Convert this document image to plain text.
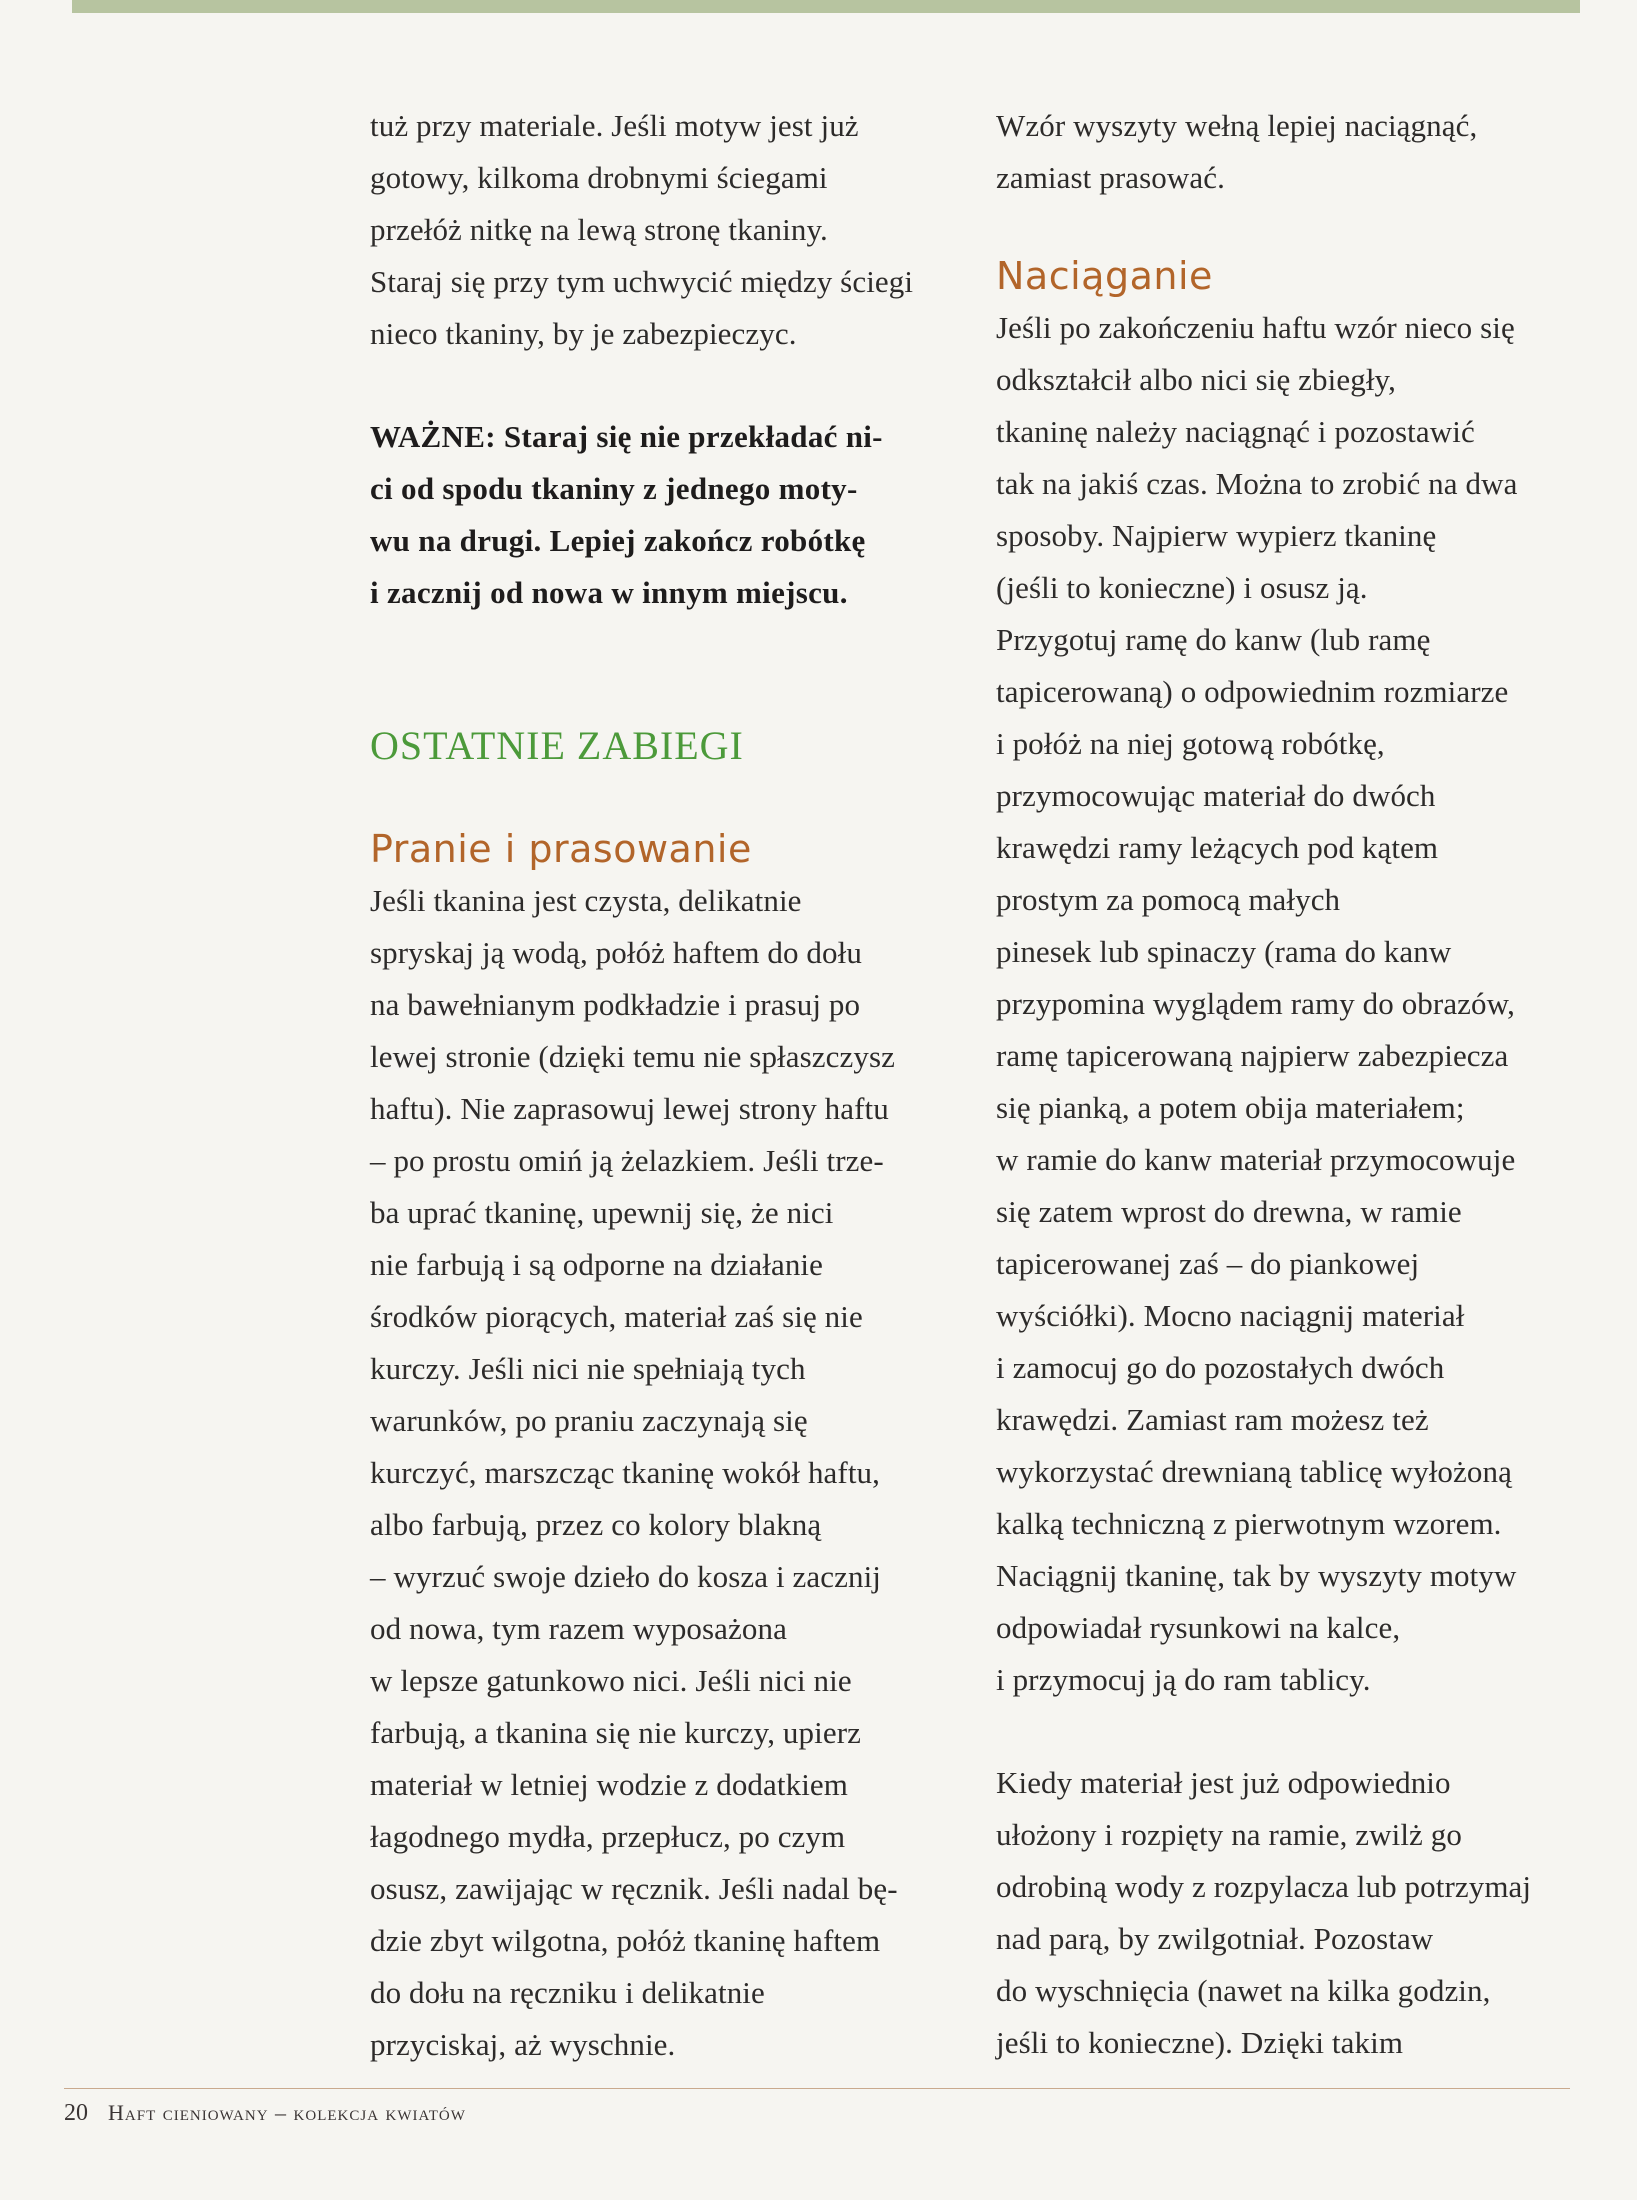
tuż przy materiale. Jeśli motyw jest już
gotowy, kilkoma drobnymi ściegami
przełóż nitkę na lewą stronę tkaniny.
Staraj się przy tym uchwycić między ściegi
nieco tkaniny, by je zabezpieczyc.
WAŻNE: Staraj się nie przekładać ni-
ci od spodu tkaniny z jednego moty-
wu na drugi. Lepiej zakończ robótkę
i zacznij od nowa w innym miejscu.
OSTATNIE ZABIEGI
Pranie i prasowanie
Jeśli tkanina jest czysta, delikatnie
spryskaj ją wodą, połóż haftem do dołu
na bawełnianym podkładzie i prasuj po
lewej stronie (dzięki temu nie spłaszczysz
haftu). Nie zaprasowuj lewej strony haftu
– po prostu omiń ją żelazkiem. Jeśli trze-
ba uprać tkaninę, upewnij się, że nici
nie farbują i są odporne na działanie
środków piorących, materiał zaś się nie
kurczy. Jeśli nici nie spełniają tych
warunków, po praniu zaczynają się
kurczyć, marszcząc tkaninę wokół haftu,
albo farbują, przez co kolory blakną
– wyrzuć swoje dzieło do kosza i zacznij
od nowa, tym razem wyposażona
w lepsze gatunkowo nici. Jeśli nici nie
farbują, a tkanina się nie kurczy, upierz
materiał w letniej wodzie z dodatkiem
łagodnego mydła, przepłucz, po czym
osusz, zawijając w ręcznik. Jeśli nadal bę-
dzie zbyt wilgotna, połóż tkaninę haftem
do dołu na ręczniku i delikatnie
przyciskaj, aż wyschnie.
Wzór wyszyty wełną lepiej naciągnąć,
zamiast prasować.
Naciąganie
Jeśli po zakończeniu haftu wzór nieco się
odkształcił albo nici się zbiegły,
tkaninę należy naciągnąć i pozostawić
tak na jakiś czas. Można to zrobić na dwa
sposoby. Najpierw wypierz tkaninę
(jeśli to konieczne) i osusz ją.
Przygotuj ramę do kanw (lub ramę
tapicerowaną) o odpowiednim rozmiarze
i połóż na niej gotową robótkę,
przymocowując materiał do dwóch
krawędzi ramy leżących pod kątem
prostym za pomocą małych
pinesek lub spinaczy (rama do kanw
przypomina wyglądem ramy do obrazów,
ramę tapicerowaną najpierw zabezpiecza
się pianką, a potem obija materiałem;
w ramie do kanw materiał przymocowuje
się zatem wprost do drewna, w ramie
tapicerowanej zaś – do piankowej
wyściółki). Mocno naciągnij materiał
i zamocuj go do pozostałych dwóch
krawędzi. Zamiast ram możesz też
wykorzystać drewnianą tablicę wyłożoną
kalką techniczną z pierwotnym wzorem.
Naciągnij tkaninę, tak by wyszyty motyw
odpowiadał rysunkowi na kalce,
i przymocuj ją do ram tablicy.
Kiedy materiał jest już odpowiednio
ułożony i rozpięty na ramie, zwilż go
odrobiną wody z rozpylacza lub potrzymaj
nad parą, by zwilgotniał. Pozostaw
do wyschnięcia (nawet na kilka godzin,
jeśli to konieczne). Dzięki takim
20 Haft cieniowany – kolekcja kwiatów
